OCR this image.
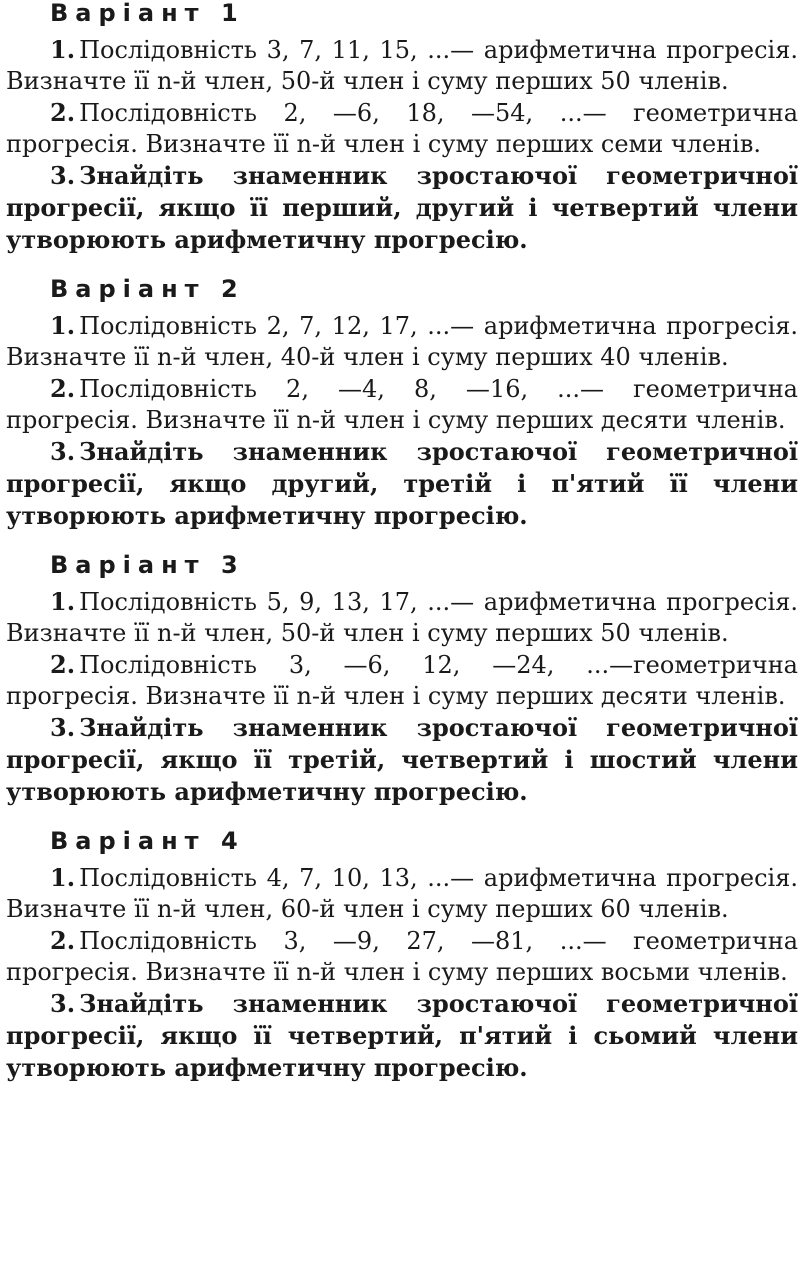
Варіант 1

1. Послідовність 3, 7, 11, 15, ...— арифметична прогресія. Визначте її n-й член, 50-й член і суму перших 50 членів.

2. Послідовність 2, —6, 18, —54, ...— геометрична прогресія. Визначте її n-й член і суму перших семи членів.

3. Знайдіть знаменник зростаючої геометричної прогресії, якщо її перший, другий і четвертий члени утворюють арифметичну прогресію.

Варіант 2

1. Послідовність 2, 7, 12, 17, ...— арифметична прогресія. Визначте її n-й член, 40-й член і суму перших 40 членів.

2. Послідовність 2, —4, 8, —16, ...— геометрична прогресія. Визначте її n-й член і суму перших десяти членів.

3. Знайдіть знаменник зростаючої геометричної прогресії, якщо другий, третій і п'ятий її члени утворюють арифметичну прогресію.

Варіант 3

1. Послідовність 5, 9, 13, 17, ...— арифметична прогресія. Визначте її n-й член, 50-й член і суму перших 50 членів.

2. Послідовність 3, —6, 12, —24, ...—геометрична прогресія. Визначте її n-й член і суму перших десяти членів.

3. Знайдіть знаменник зростаючої геометричної прогресії, якщо її третій, четвертий і шостий члени утворюють арифметичну прогресію.

Варіант 4

1. Послідовність 4, 7, 10, 13, ...— арифметична прогресія. Визначте її n-й член, 60-й член і суму перших 60 членів.

2. Послідовність 3, —9, 27, —81, ...— геометрична прогресія. Визначте її n-й член і суму перших восьми членів.

3. Знайдіть знаменник зростаючої геометричної прогресії, якщо її четвертий, п'ятий і сьомий члени утворюють арифметичну прогресію.
